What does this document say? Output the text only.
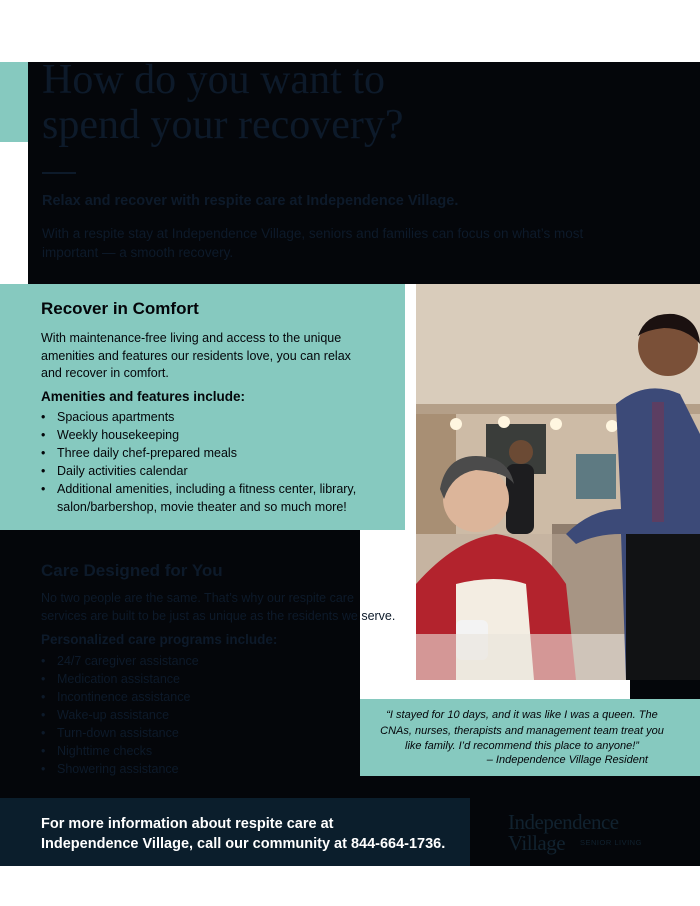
How do you want to
spend your recovery?
Relax and recover with respite care at Independence Village.
With a respite stay at Independence Village, seniors and families can focus on what’s most important — a smooth recovery.
Recover in Comfort

With maintenance-free living and access to the unique amenities and features our residents love, you can relax and recover in comfort.

Amenities and features include:
• Spacious apartments
• Weekly housekeeping
• Three daily chef-prepared meals
• Daily activities calendar
• Additional amenities, including a fitness center, library, salon/barbershop, movie theater and so much more!
Care Designed for You

No two people are the same. That’s why our respite care services are built to be just as unique as the residents we serve.

Personalized care programs include:
• 24/7 caregiver assistance
• Medication assistance
• Incontinence assistance
• Wake-up assistance
• Turn-down assistance
• Nighttime checks
• Showering assistance

“I stayed for 10 days, and it was like I was a queen. The CNAs, nurses, therapists and management team treat you like family. I’d recommend this place to anyone!”

– Independence Village Resident

For more information about respite care at
Independence Village, call our community at 844-664-1736.

Independence
Village SENIOR LIVING
